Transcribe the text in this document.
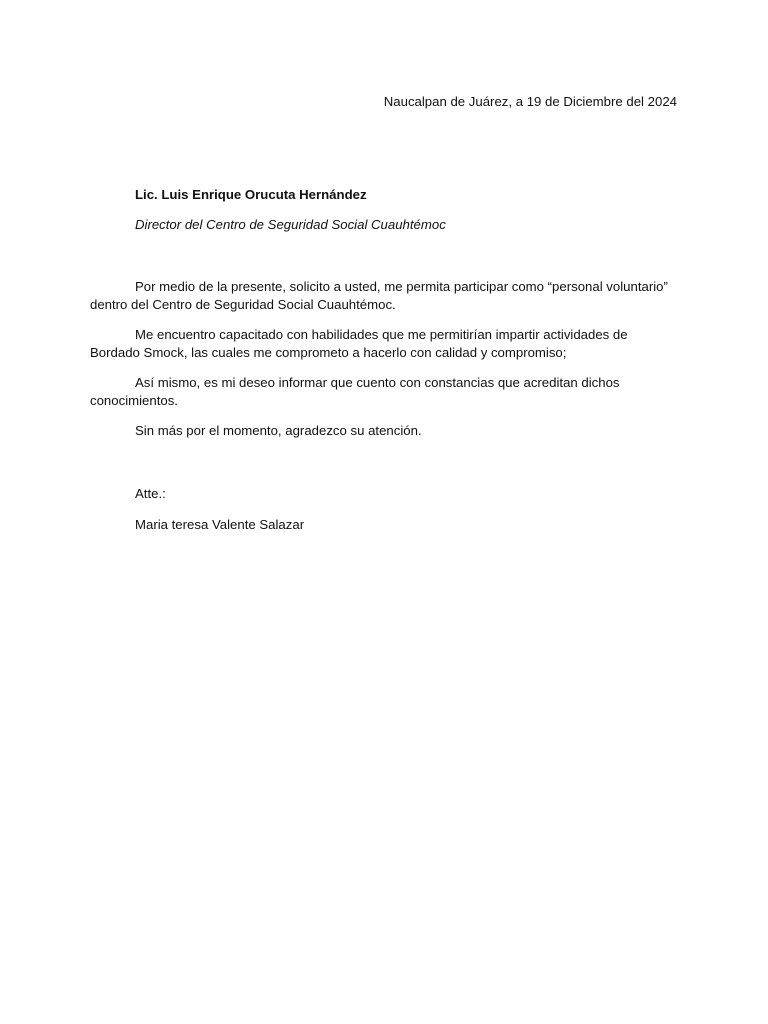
Naucalpan de Juárez, a 19 de Diciembre del 2024
Lic. Luis Enrique Orucuta Hernández
Director del Centro de Seguridad Social Cuauhtémoc

Por medio de la presente, solicito a usted, me permita participar como “personal voluntario” dentro del Centro de Seguridad Social Cuauhtémoc.

Me encuentro capacitado con habilidades que me permitirían impartir actividades de Bordado Smock, las cuales me comprometo a hacerlo con calidad y compromiso;

Así mismo, es mi deseo informar que cuento con constancias que acreditan dichos conocimientos.

Sin más por el momento, agradezco su atención.

Atte.:
Maria teresa Valente Salazar
